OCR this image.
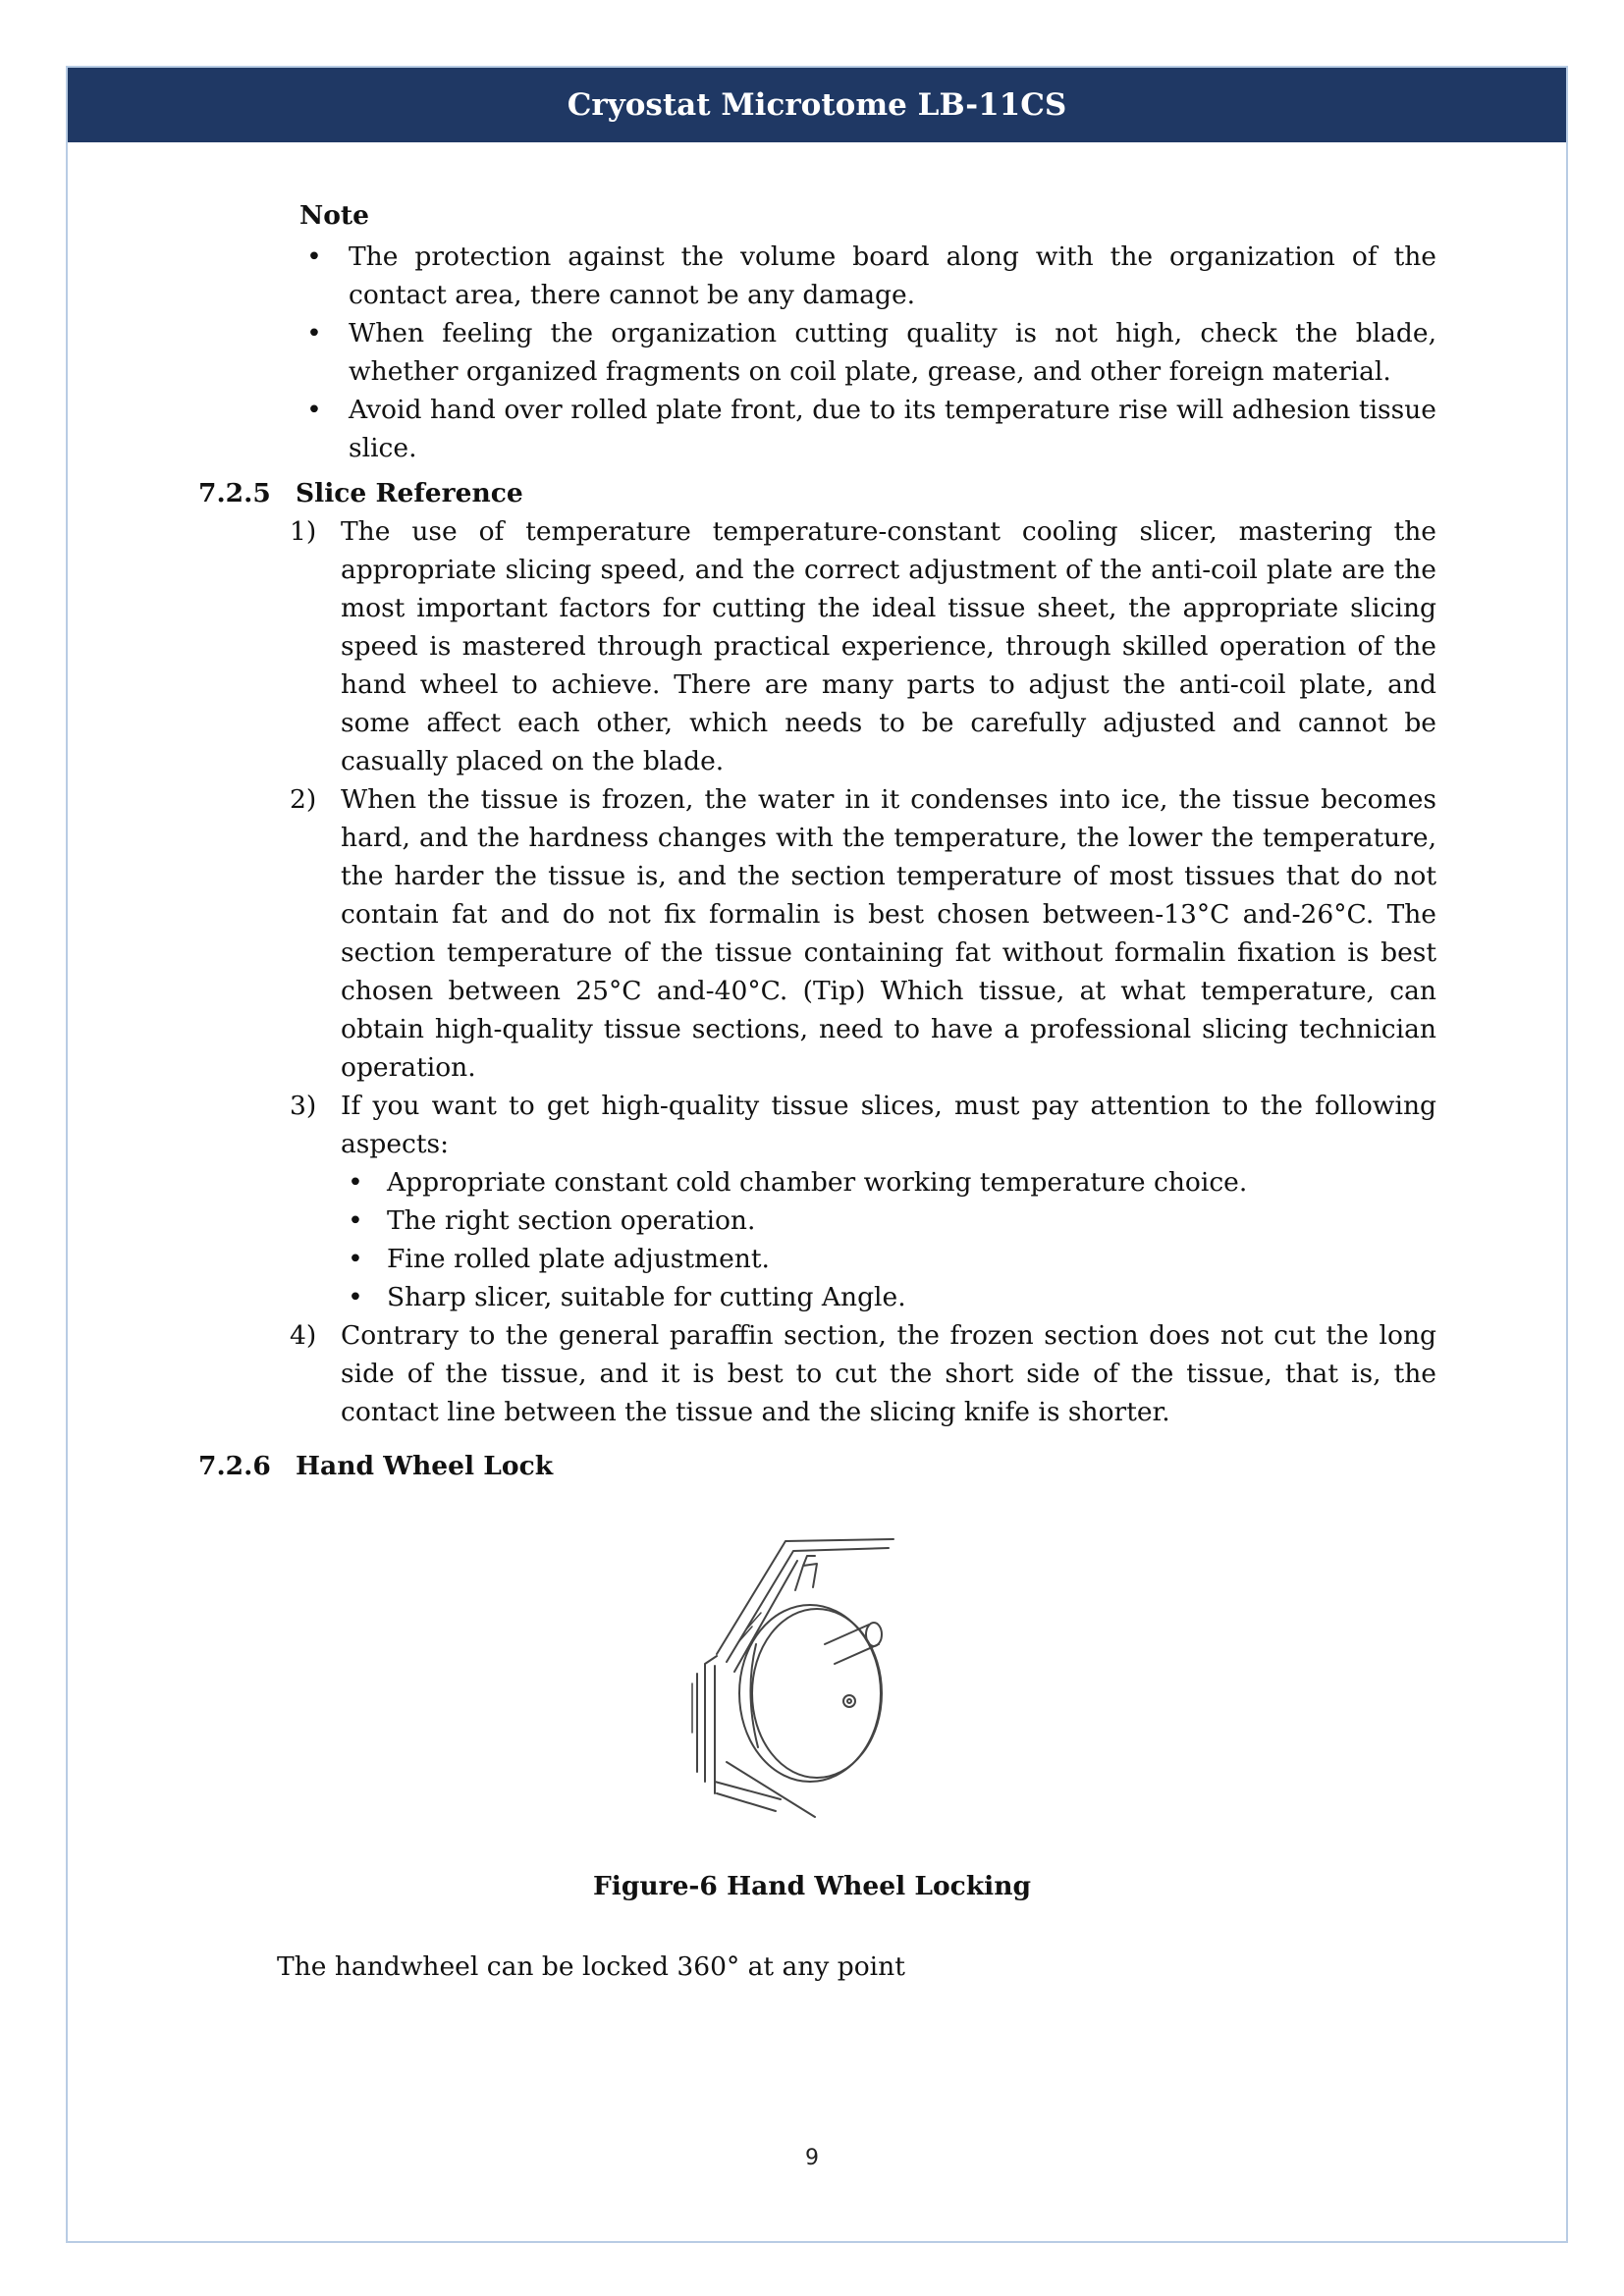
Cryostat Microtome LB-11CS

Note

• The protection against the volume board along with the organization of the contact area, there cannot be any damage.
• When feeling the organization cutting quality is not high, check the blade, whether organized fragments on coil plate, grease, and other foreign material.
• Avoid hand over rolled plate front, due to its temperature rise will adhesion tissue slice.
7.2.5 Slice Reference
1) The use of temperature temperature-constant cooling slicer, mastering the appropriate slicing speed, and the correct adjustment of the anti-coil plate are the most important factors for cutting the ideal tissue sheet, the appropriate slicing speed is mastered through practical experience, through skilled operation of the hand wheel to achieve. There are many parts to adjust the anti-coil plate, and some affect each other, which needs to be carefully adjusted and cannot be casually placed on the blade.
2) When the tissue is frozen, the water in it condenses into ice, the tissue becomes hard, and the hardness changes with the temperature, the lower the temperature, the harder the tissue is, and the section temperature of most tissues that do not contain fat and do not fix formalin is best chosen between-13°C and-26°C. The section temperature of the tissue containing fat without formalin fixation is best chosen between 25°C and-40°C. (Tip) Which tissue, at what temperature, can obtain high-quality tissue sections, need to have a professional slicing technician operation.
3) If you want to get high-quality tissue slices, must pay attention to the following aspects:
• Appropriate constant cold chamber working temperature choice.
• The right section operation.
• Fine rolled plate adjustment.
• Sharp slicer, suitable for cutting Angle.
4) Contrary to the general paraffin section, the frozen section does not cut the long side of the tissue, and it is best to cut the short side of the tissue, that is, the contact line between the tissue and the slicing knife is shorter.
7.2.6 Hand Wheel Lock
Figure-6 Hand Wheel Locking

The handwheel can be locked 360° at any point

9
